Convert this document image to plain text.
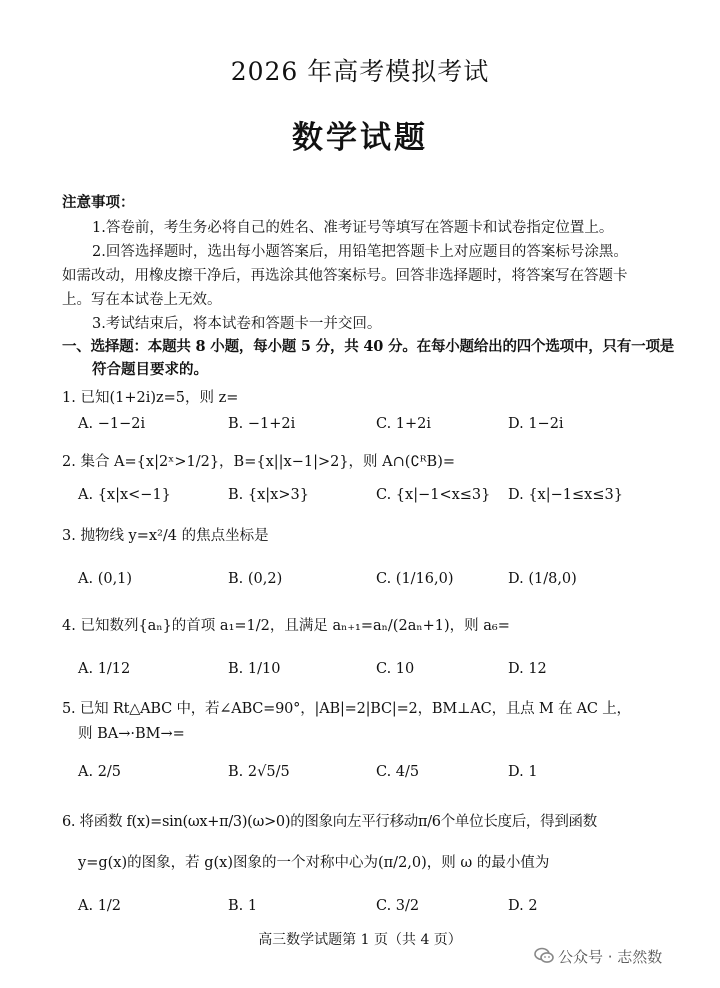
2026 年高考模拟考试
数学试题
注意事项：
1.答卷前，考生务必将自己的姓名、准考证号等填写在答题卡和试卷指定位置上。
2.回答选择题时，选出每小题答案后，用铅笔把答题卡上对应题目的答案标号涂黑。
如需改动，用橡皮擦干净后，再选涂其他答案标号。回答非选择题时，将答案写在答题卡
上。写在本试卷上无效。
3.考试结束后，将本试卷和答题卡一并交回。
一、选择题：本题共 8 小题，每小题 5 分，共 40 分。在每小题给出的四个选项中，只有一项是
符合题目要求的。
1. 已知(1+2i)z=5，则 z=
A. −1−2i	B. −1+2i	C. 1+2i	D. 1−2i
2. 集合 A={x|2ˣ>1/2}，B={x||x−1|>2}，则 A∩(∁ᴿB)=
A. {x|x<−1}	B. {x|x>3}	C. {x|−1<x≤3} D. {x|−1≤x≤3}
3. 抛物线 y=x²/4 的焦点坐标是
A. (0,1)	B. (0,2)	C. (1/16,0)	D. (1/8,0)
4. 已知数列{aₙ}的首项 a₁=1/2，且满足 aₙ₊₁=aₙ/(2aₙ+1)，则 a₆=
A. 1/12	B. 1/10	C. 10	D. 12
5. 已知 Rt△ABC 中，若∠ABC=90°，|AB|=2|BC|=2，BM⊥AC，且点 M 在 AC 上，
则 BA→·BM→=
A. 2/5	B. 2√5/5	C. 4/5	D. 1
6. 将函数 f(x)=sin(ωx+π/3)(ω>0)的图象向左平行移动π/6个单位长度后，得到函数
y=g(x)的图象，若 g(x)图象的一个对称中心为(π/2,0)，则 ω 的最小值为
A. 1/2	B. 1	C. 3/2	D. 2
高三数学试题第 1 页（共 4 页）
公众号 · 志然数
